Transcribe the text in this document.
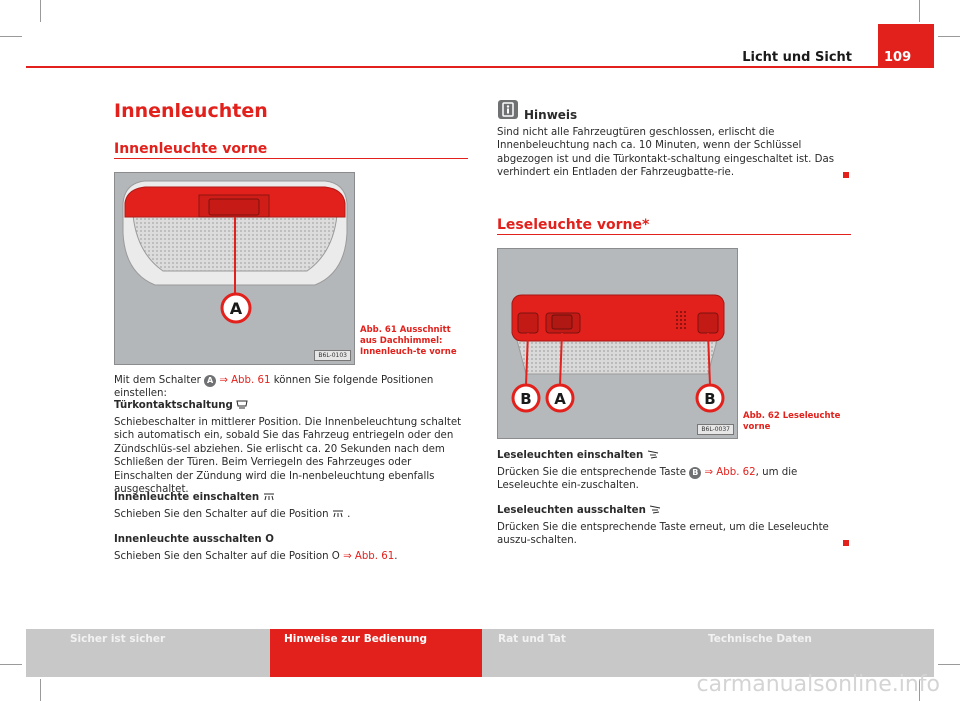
Licht und Sicht 109
Innenleuchten
Innenleuchte vorne
A
B6L-0103
Abb. 61 Ausschnitt aus Dachhimmel: Innenleuch-te vorne
Mit dem Schalter A ⇒ Abb. 61 können Sie folgende Positionen einstellen:
Türkontaktschaltung
Schiebeschalter in mittlerer Position. Die Innenbeleuchtung schaltet sich automatisch ein, sobald Sie das Fahrzeug entriegeln oder den Zündschlüs-sel abziehen. Sie erlischt ca. 20 Sekunden nach dem Schließen der Türen. Beim Verriegeln des Fahrzeuges oder Einschalten der Zündung wird die In-nenbeleuchtung ebenfalls ausgeschaltet.
Innenleuchte einschalten
Schieben Sie den Schalter auf die Position .
Innenleuchte ausschalten O
Schieben Sie den Schalter auf die Position O ⇒ Abb. 61.
Hinweis
Sind nicht alle Fahrzeugtüren geschlossen, erlischt die Innenbeleuchtung nach ca. 10 Minuten, wenn der Schlüssel abgezogen ist und die Türkontakt-schaltung eingeschaltet ist. Das verhindert ein Entladen der Fahrzeugbatte-rie.
Leseleuchte vorne*
B A	B
B6L-0037
Abb. 62 Leseleuchte vorne
Leseleuchten einschalten
Drücken Sie die entsprechende Taste B ⇒ Abb. 62, um die Leseleuchte ein-zuschalten.
Leseleuchten ausschalten
Drücken Sie die entsprechende Taste erneut, um die Leseleuchte auszu-schalten.
Sicher ist sicher	Hinweise zur Bedienung	Rat und Tat	Technische Daten
carmanualsonline.info
